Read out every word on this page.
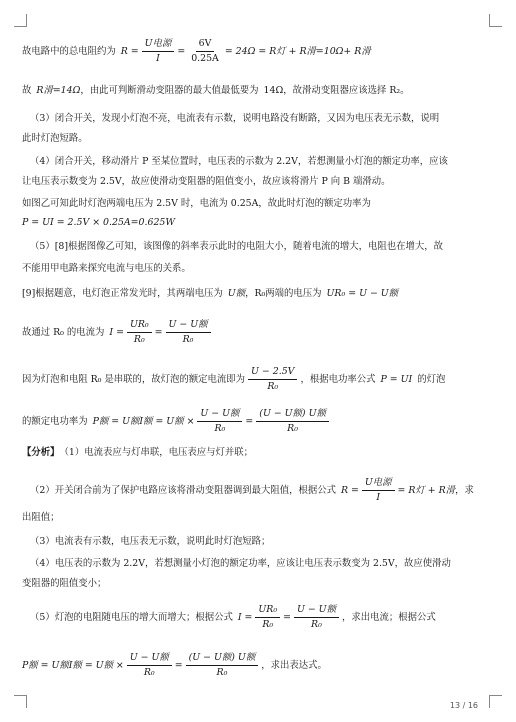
故电路中的总电阻约为 $R = \frac{\text{U电源}}{I} = \frac{6V}{0.25A} = 24\Omega = R$灯 + R滑=10Ω+ R滑
故 R滑=14Ω ，由此可判断滑动变阻器的最大值最低要为 14Ω ，故滑动变阻器应该选择 R₂。
（3）闭合开关，发现小灯泡不亮，电流表有示数，说明电路没有断路，又因为电压表无示数，说明
此时灯泡短路。
（4）闭合开关，移动滑片 P 至某位置时，电压表的示数为 2.2V，若想测量小灯泡的额定功率，应该
让电压表示数变为 2.5V，故应使滑动变阻器的阻值变小，故应该将滑片 P 向 B 端滑动。
如图乙可知此时灯泡两端电压为 2.5V 时，电流为 0.25A，故此时灯泡的额定功率为
P = UI = 2.5V × 0.25A=0.625W
（5）[8]根据图像乙可知，该图像的斜率表示此时的电阻大小，随着电流的增大，电阻也在增大，故
不能用甲电路来探究电流与电压的关系。
[9]根据题意，电灯泡正常发光时，其两端电压为 U额 ，R₀两端的电压为 UR₀ = U − U额
故通过 R₀ 的电流为 $I = \frac{\text{UR₀}}{\text{R₀}} = \frac{\text{U − U额}}{\text{R₀}}$
因为灯泡和电阻 R₀ 是串联的，故灯泡的额定电流即为 $\frac{U - 2.5V}{\text{R₀}}$ ，根据电功率公式 P = UI 的灯泡
的额定电功率为 P额 = U额I额 = U额 × $\frac{\text{U − U额}}{\text{R₀}} = \frac{\text{(U − U额) U额}}{\text{R₀}}$
【分析】 （1）电流表应与灯串联，电压表应与灯并联；
（2）开关闭合前为了保护电路应该将滑动变阻器调到最大阻值，根据公式 $R = \frac{\text{U电源}}{I} = R$灯 + R滑 ，求
出阻值；
（3）电流表有示数，电压表无示数，说明此时灯泡短路；
（4）电压表的示数为 2.2V，若想测量小灯泡的额定功率，应该让电压表示数变为 2.5V，故应使滑动
变阻器的阻值变小；
（5）灯泡的电阻随电压的增大而增大；根据公式 $I = \frac{\text{UR₀}}{\text{R₀}} = \frac{\text{U − U额}}{\text{R₀}}$ ，求出电流；根据公式
P额 = U额I额 = U额 × $\frac{\text{U − U额}}{\text{R₀}} = \frac{\text{(U − U额) U额}}{\text{R₀}}$ ，求出表达式。
13 / 16
